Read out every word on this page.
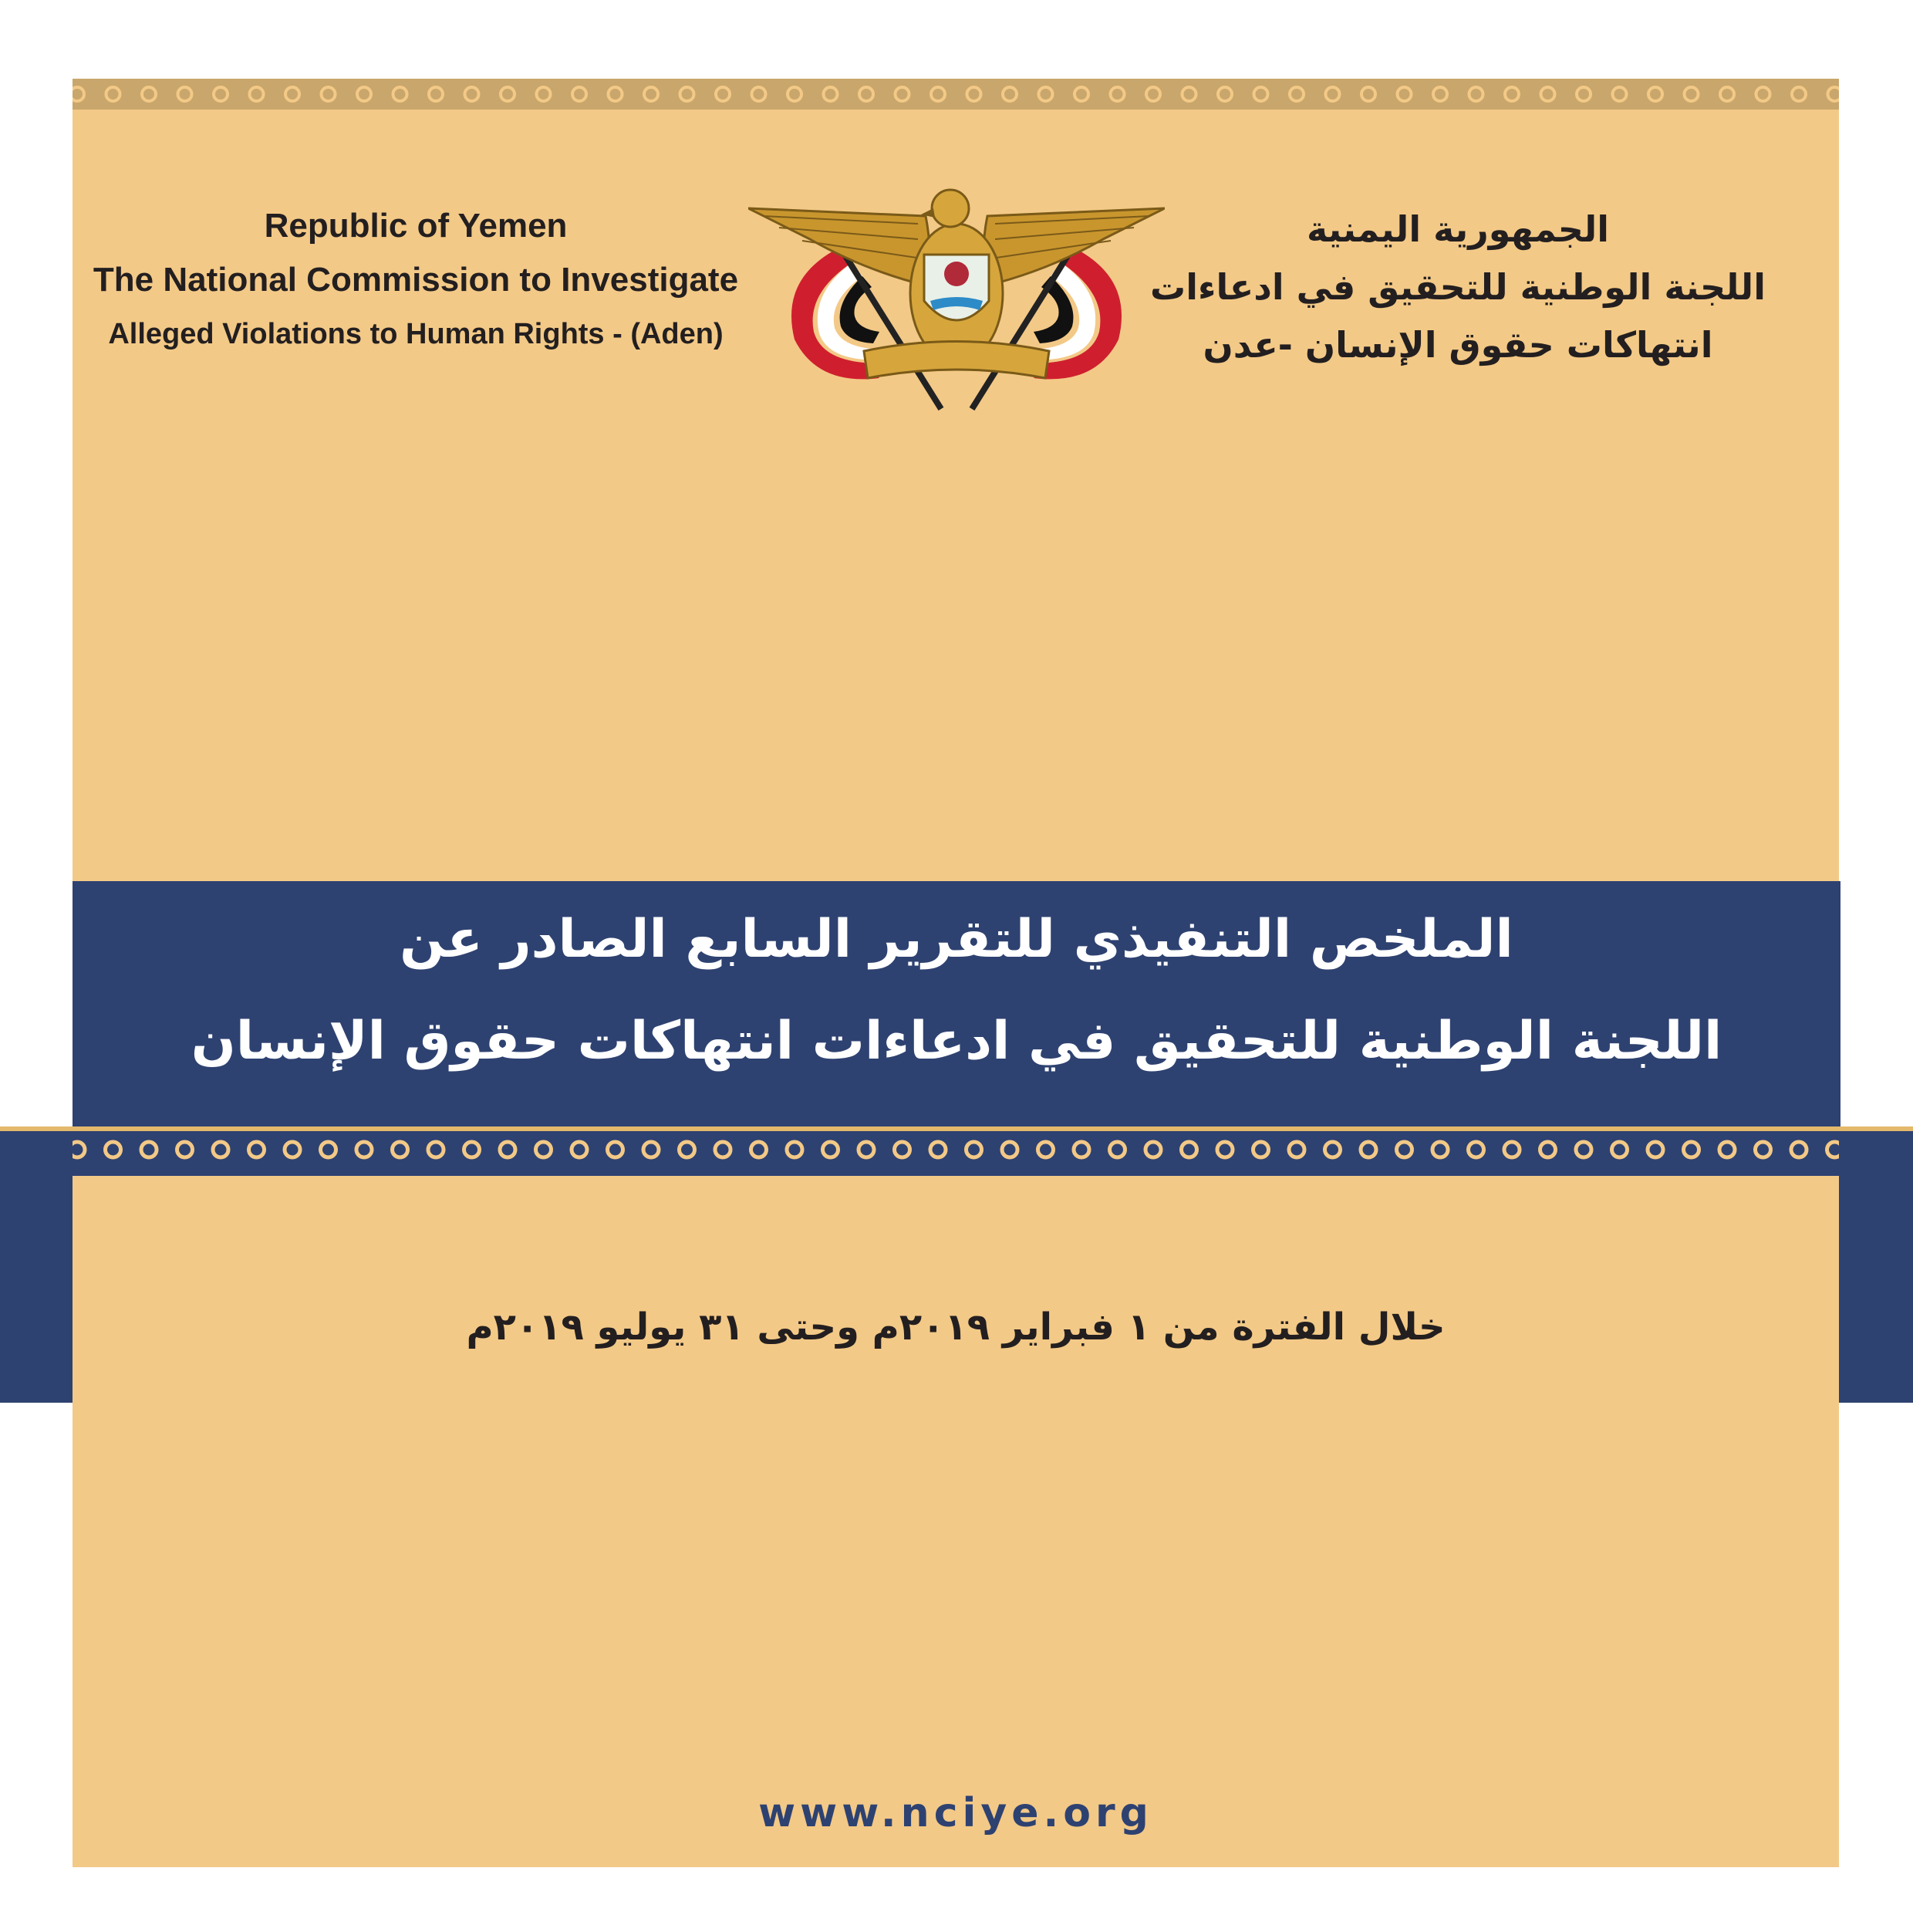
Republic of Yemen
The National Commission to Investigate
Alleged Violations to Human Rights - (Aden)
الجمهورية اليمنية
اللجنة الوطنية للتحقيق في ادعاءات
انتهاكات حقوق الإنسان -عدن
الملخص التنفيذي للتقرير السابع الصادر عن
اللجنة الوطنية للتحقيق في ادعاءات انتهاكات حقوق الإنسان
خلال الفترة من ١ فبراير ٢٠١٩م وحتى ٣١ يوليو ٢٠١٩م
www.nciye.org
